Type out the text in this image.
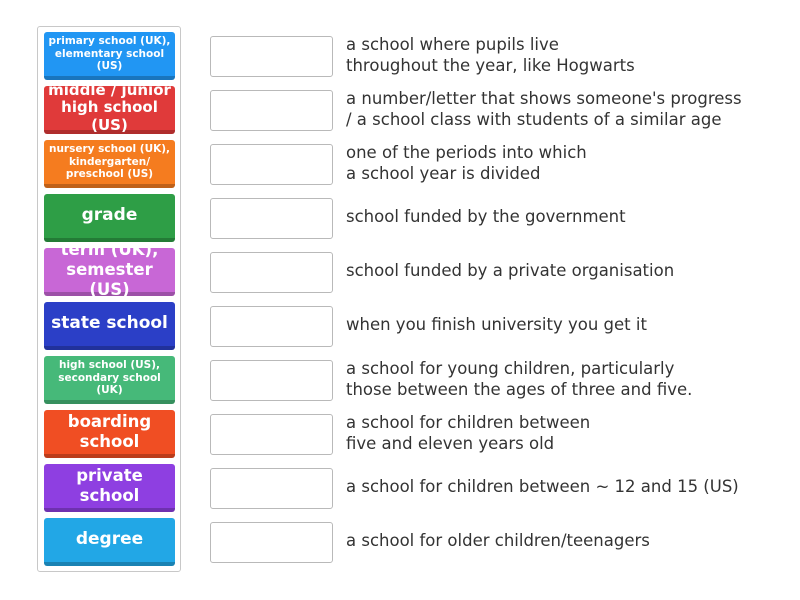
primary school (UK), elementary school (US)
middle / junior high school (US)
nursery school (UK), kindergarten/ preschool (US)
grade
term (UK), semester (US)
state school
high school (US), secondary school (UK)
boarding school
private school
degree
a school where pupils live
throughout the year, like Hogwarts
a number/letter that shows someone's progress
/ a school class with students of a similar age
one of the periods into which
a school year is divided
school funded by the government
school funded by a private organisation
when you finish university you get it
a school for young children, particularly
those between the ages of three and five.
a school for children between
five and eleven years old
a school for children between ~ 12 and 15 (US)
a school for older children/teenagers
